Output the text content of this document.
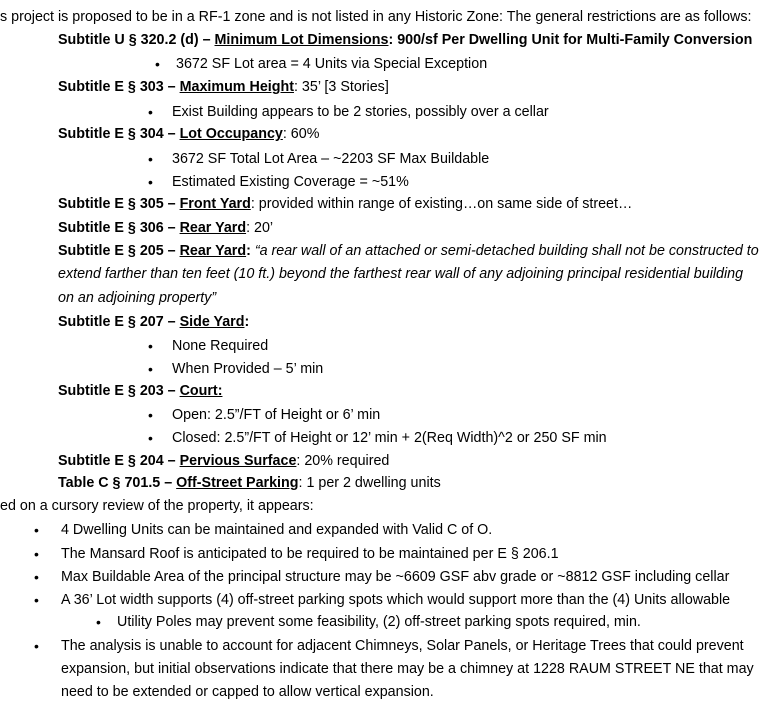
s project is proposed to be in a RF-1 zone and is not listed in any Historic Zone: The general restrictions are as follows:
Subtitle U § 320.2 (d) – Minimum Lot Dimensions: 900/sf Per Dwelling Unit for Multi-Family Conversion
• 3672 SF Lot area = 4 Units via Special Exception
Subtitle E § 303 – Maximum Height: 35’ [3 Stories]
• Exist Building appears to be 2 stories, possibly over a cellar
Subtitle E § 304 – Lot Occupancy: 60%
• 3672 SF Total Lot Area – ~2203 SF Max Buildable
• Estimated Existing Coverage = ~51%
Subtitle E § 305 – Front Yard: provided within range of existing…on same side of street…
Subtitle E § 306 – Rear Yard: 20’
Subtitle E § 205 – Rear Yard: “a rear wall of an attached or semi-detached building shall not be constructed to
extend farther than ten feet (10 ft.) beyond the farthest rear wall of any adjoining principal residential building
on an adjoining property”
Subtitle E § 207 – Side Yard:
• None Required
• When Provided – 5’ min
Subtitle E § 203 – Court:
• Open: 2.5”/FT of Height or 6’ min
• Closed: 2.5”/FT of Height or 12’ min + 2(Req Width)^2 or 250 SF min
Subtitle E § 204 – Pervious Surface: 20% required
Table C § 701.5 – Off-Street Parking: 1 per 2 dwelling units
ed on a cursory review of the property, it appears:
• 4 Dwelling Units can be maintained and expanded with Valid C of O.
• The Mansard Roof is anticipated to be required to be maintained per E § 206.1
• Max Buildable Area of the principal structure may be ~6609 GSF abv grade or ~8812 GSF including cellar
• A 36’ Lot width supports (4) off-street parking spots which would support more than the (4) Units allowable
• Utility Poles may prevent some feasibility, (2) off-street parking spots required, min.
• The analysis is unable to account for adjacent Chimneys, Solar Panels, or Heritage Trees that could prevent
expansion, but initial observations indicate that there may be a chimney at 1228 RAUM STREET NE that may
need to be extended or capped to allow vertical expansion.
